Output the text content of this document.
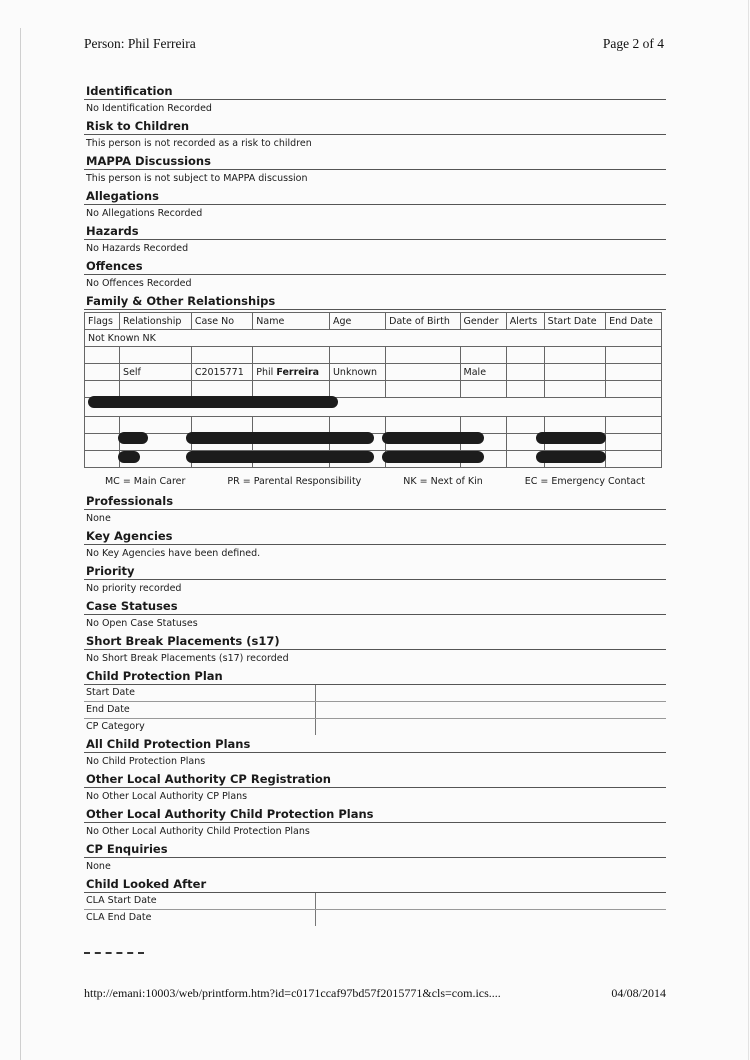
Person: Phil Ferreira	Page 2 of 4
Identification
No Identification Recorded
Risk to Children
This person is not recorded as a risk to children
MAPPA Discussions
This person is not subject to MAPPA discussion
Allegations
No Allegations Recorded
Hazards
No Hazards Recorded
Offences
No Offences Recorded
Family & Other Relationships
Flags	Relationship	Case No	Name	Age	Date of Birth	Gender	Alerts	Start Date	End Date
Not Known NK									

	Self	C2015771	Phil Ferreira	Unknown		Male			

MC = Main Carer	PR = Parental Responsibility	NK = Next of Kin	EC = Emergency Contact
Professionals
None
Key Agencies
No Key Agencies have been defined.
Priority
No priority recorded
Case Statuses
No Open Case Statuses
Short Break Placements (s17)
No Short Break Placements (s17) recorded
Child Protection Plan
Start Date
End Date
CP Category
All Child Protection Plans
No Child Protection Plans
Other Local Authority CP Registration
No Other Local Authority CP Plans
Other Local Authority Child Protection Plans
No Other Local Authority Child Protection Plans
CP Enquiries
None
Child Looked After
CLA Start Date
CLA End Date
http://emani:10003/web/printform.htm?id=c0171ccaf97bd57f2015771&cls=com.ics....	04/08/2014
